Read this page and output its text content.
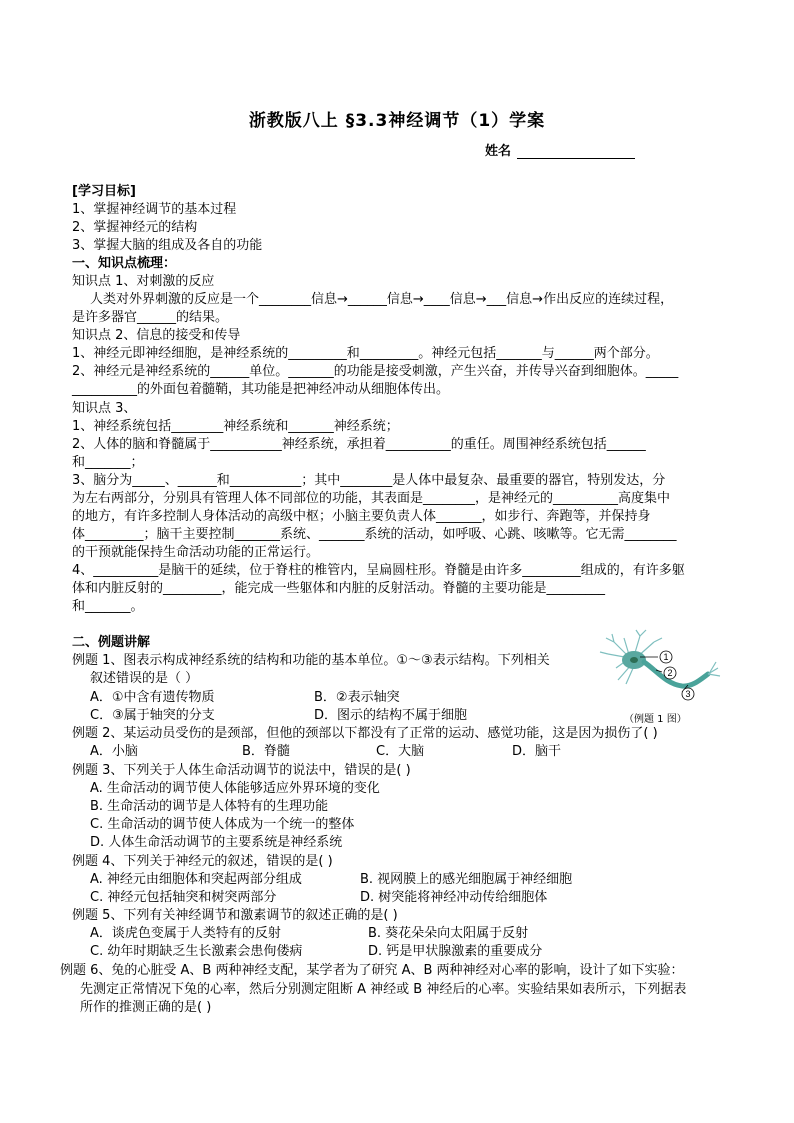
浙教版八上 §3.3神经调节（1）学案
姓名
[学习目标]
1、掌握神经调节的基本过程
2、掌握神经元的结构
3、掌握大脑的组成及各自的功能
一、知识点梳理：
知识点 1、对刺激的反应
人类对外界刺激的反应是一个________信息→______信息→____信息→___信息→作出反应的连续过程，
是许多器官______的结果。
知识点 2、信息的接受和传导
1、神经元即神经细胞，是神经系统的_________和_________。神经元包括_______与______两个部分。
2、神经元是神经系统的______单位。_______的功能是接受刺激，产生兴奋，并传导兴奋到细胞体。_____
__________的外面包着髓鞘，其功能是把神经冲动从细胞体传出。
知识点 3、
1、神经系统包括________神经系统和_______神经系统；
2、人体的脑和脊髓属于___________神经系统，承担着__________的重任。周围神经系统包括______
和_______；
3、脑分为_____、______和___________；其中________是人体中最复杂、最重要的器官，特别发达，分
为左右两部分，分别具有管理人体不同部位的功能，其表面是________，是神经元的__________高度集中
的地方，有许多控制人身体活动的高级中枢；小脑主要负责人体_______，如步行、奔跑等，并保持身
体_________；脑干主要控制_______系统、_______系统的活动，如呼吸、心跳、咳嗽等。它无需________
的干预就能保持生命活动功能的正常运行。
4、__________是脑干的延续，位于脊柱的椎管内，呈扁圆柱形。脊髓是由许多_________组成的，有许多躯
体和内脏反射的_________，能完成一些躯体和内脏的反射活动。脊髓的主要功能是_________
和_______。
二、例题讲解
例题 1、图表示构成神经系统的结构和功能的基本单位。①～③表示结构。下列相关
叙述错误的是（ ）
A．①中含有遗传物质	B．②表示轴突
C．③属于轴突的分支	D．图示的结构不属于细胞
1
2
3
（例题 1 图）
例题 2、某运动员受伤的是颈部，但他的颈部以下都没有了正常的运动、感觉功能，这是因为损伤了( )
A．小脑	B．脊髓	C．大脑	D．脑干
例题 3、下列关于人体生命活动调节的说法中，错误的是( )
A. 生命活动的调节使人体能够适应外界环境的变化
B. 生命活动的调节是人体特有的生理功能
C. 生命活动的调节使人体成为一个统一的整体
D. 人体生命活动调节的主要系统是神经系统
例题 4、下列关于神经元的叙述，错误的是( )
A. 神经元由细胞体和突起两部分组成	B. 视网膜上的感光细胞属于神经细胞
C. 神经元包括轴突和树突两部分	D. 树突能将神经冲动传给细胞体
例题 5、下列有关神经调节和激素调节的叙述正确的是( )
A．谈虎色变属于人类特有的反射	B. 葵花朵朵向太阳属于反射
C. 幼年时期缺乏生长激素会患佝偻病	D. 钙是甲状腺激素的重要成分
例题 6、兔的心脏受 A、B 两种神经支配，某学者为了研究 A、B 两种神经对心率的影响，设计了如下实验：
先测定正常情况下兔的心率，然后分别测定阻断 A 神经或 B 神经后的心率。实验结果如表所示，下列据表
所作的推测正确的是( )
